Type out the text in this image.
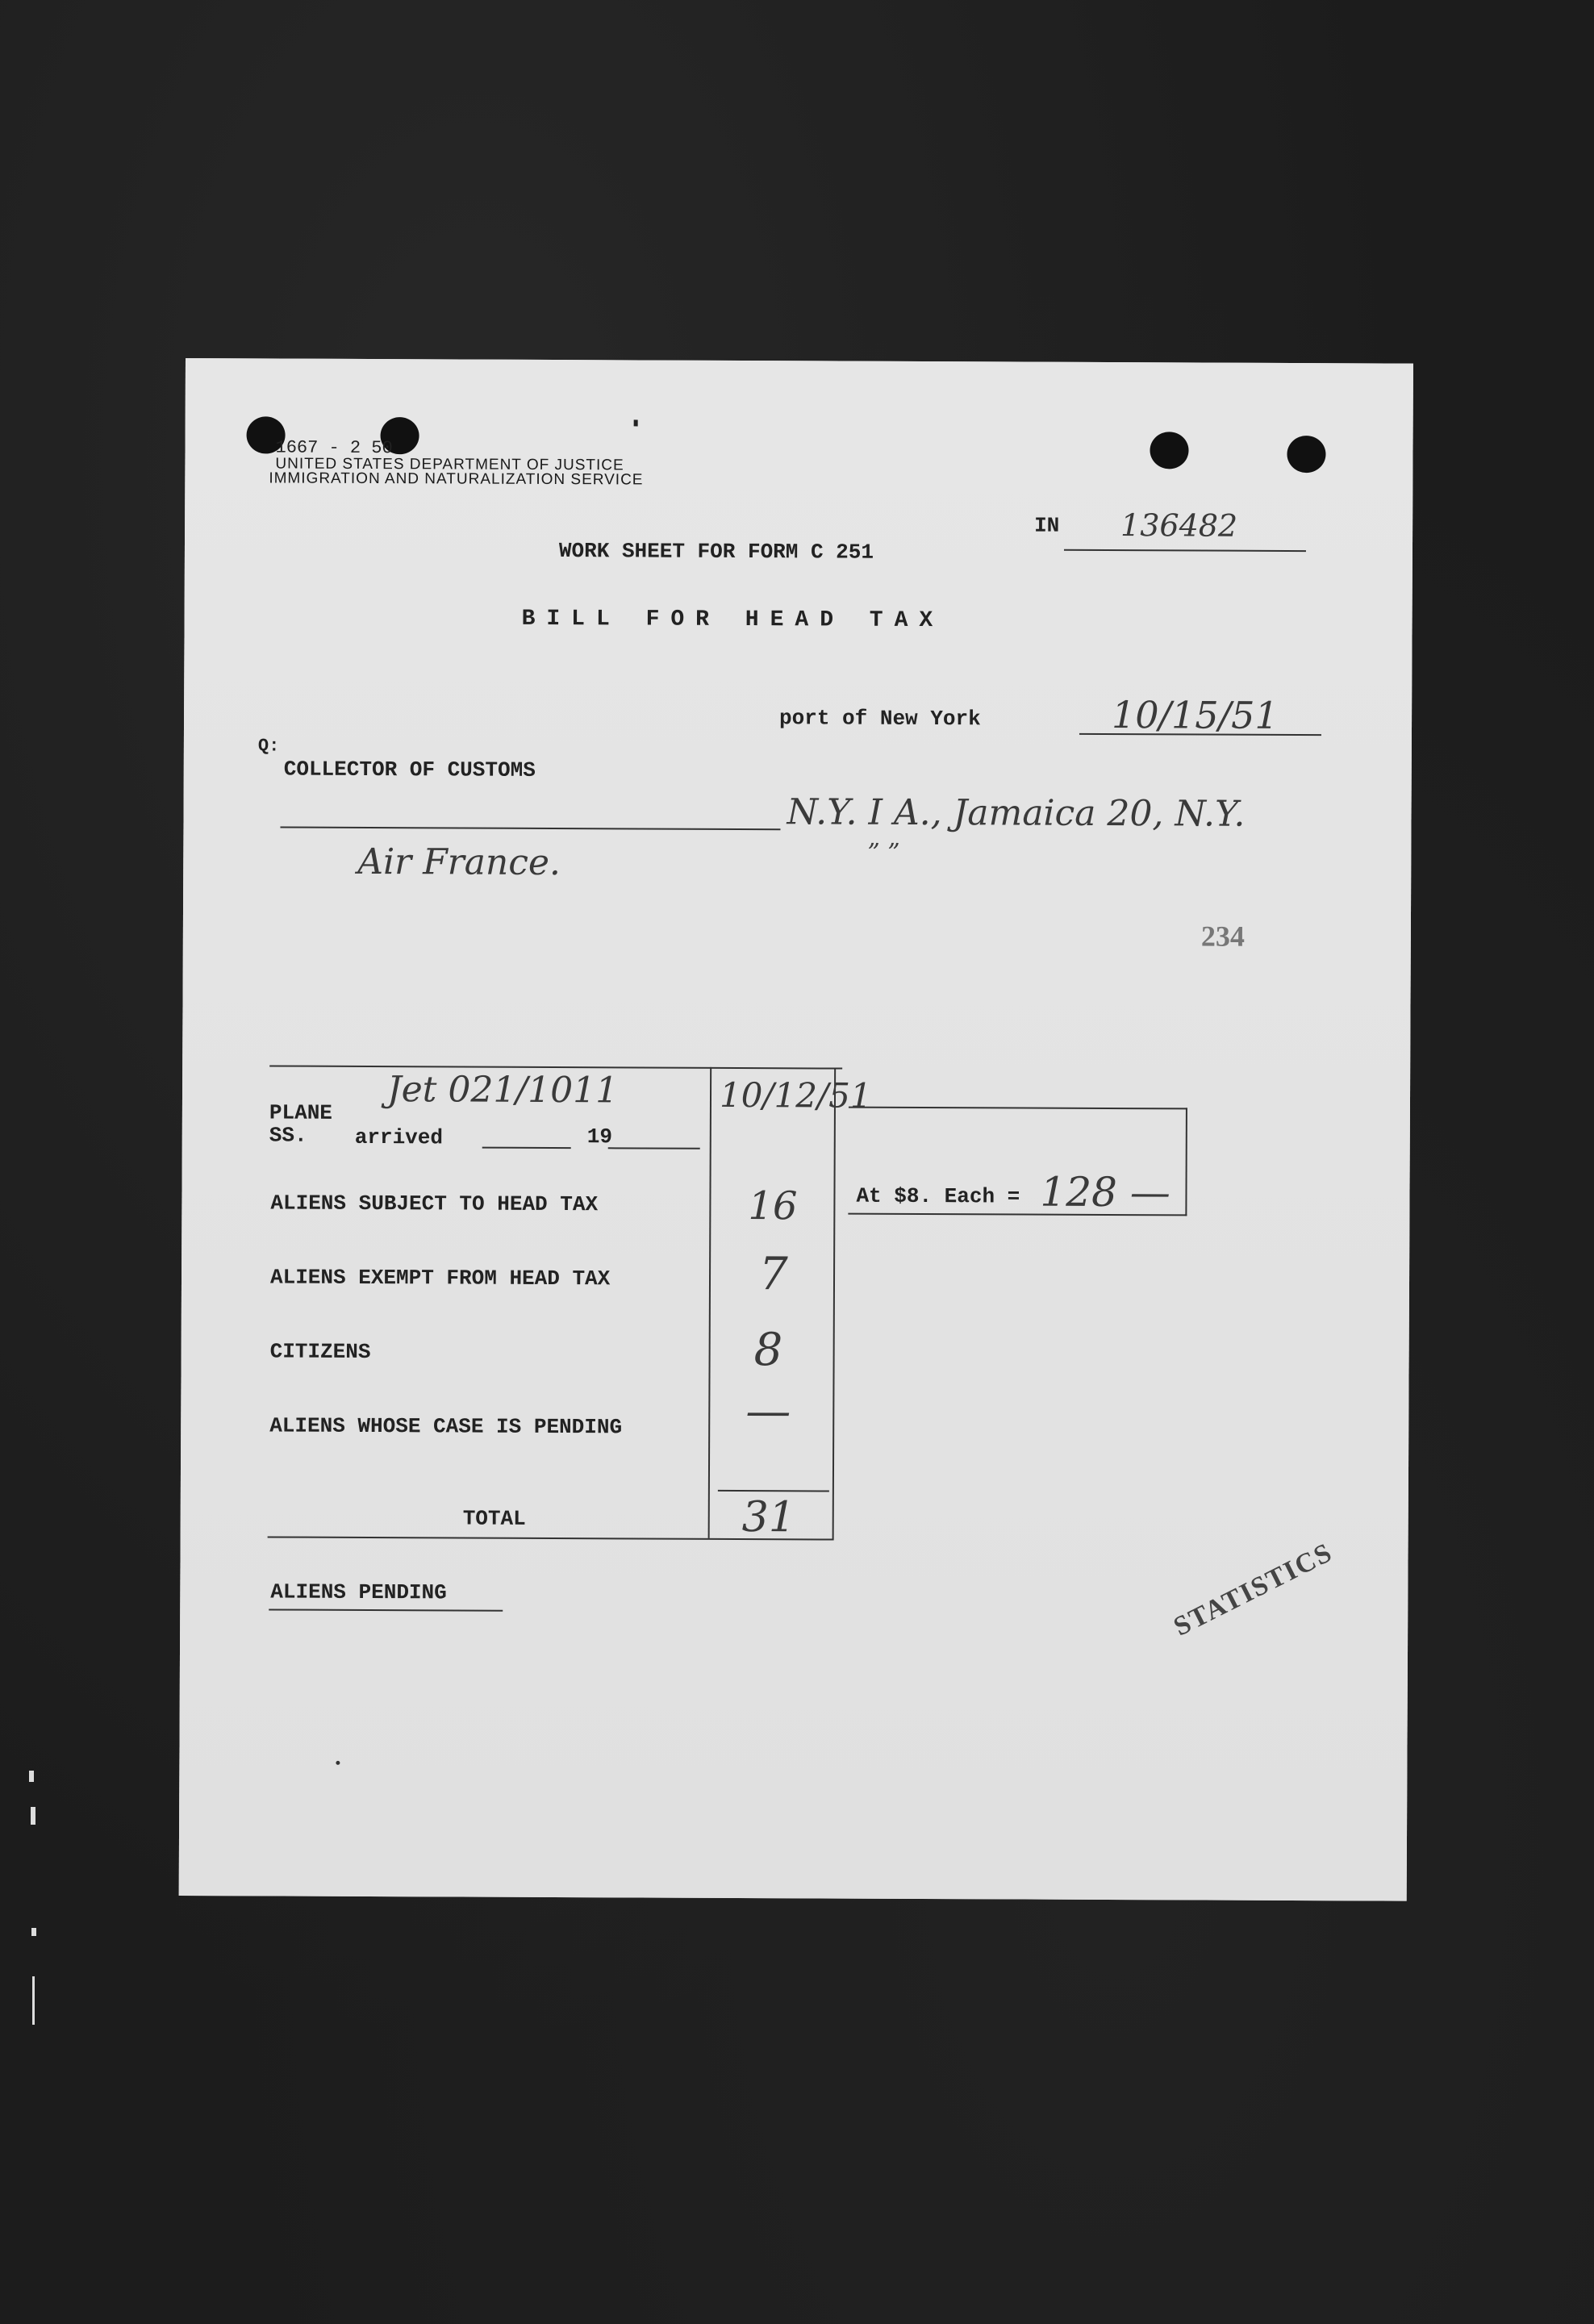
1667 - 2 50
UNITED STATES DEPARTMENT OF JUSTICE
IMMIGRATION AND NATURALIZATION SERVICE
IN 136482
WORK SHEET FOR FORM C 251
BILL FOR HEAD TAX
port of New York	10/15/51
Q:
COLLECTOR OF CUSTOMS
N.Y. I A., Jamaica 20, N.Y.
” ”
Air France.
234
PLANE
SS. arrived	19
Jet 021/1011	10/12/51
ALIENS SUBJECT TO HEAD TAX	16
ALIENS EXEMPT FROM HEAD TAX	7
CITIZENS	8
ALIENS WHOSE CASE IS PENDING	—
TOTAL	31
At $8. Each = 128 —
ALIENS PENDING	STATISTICS
